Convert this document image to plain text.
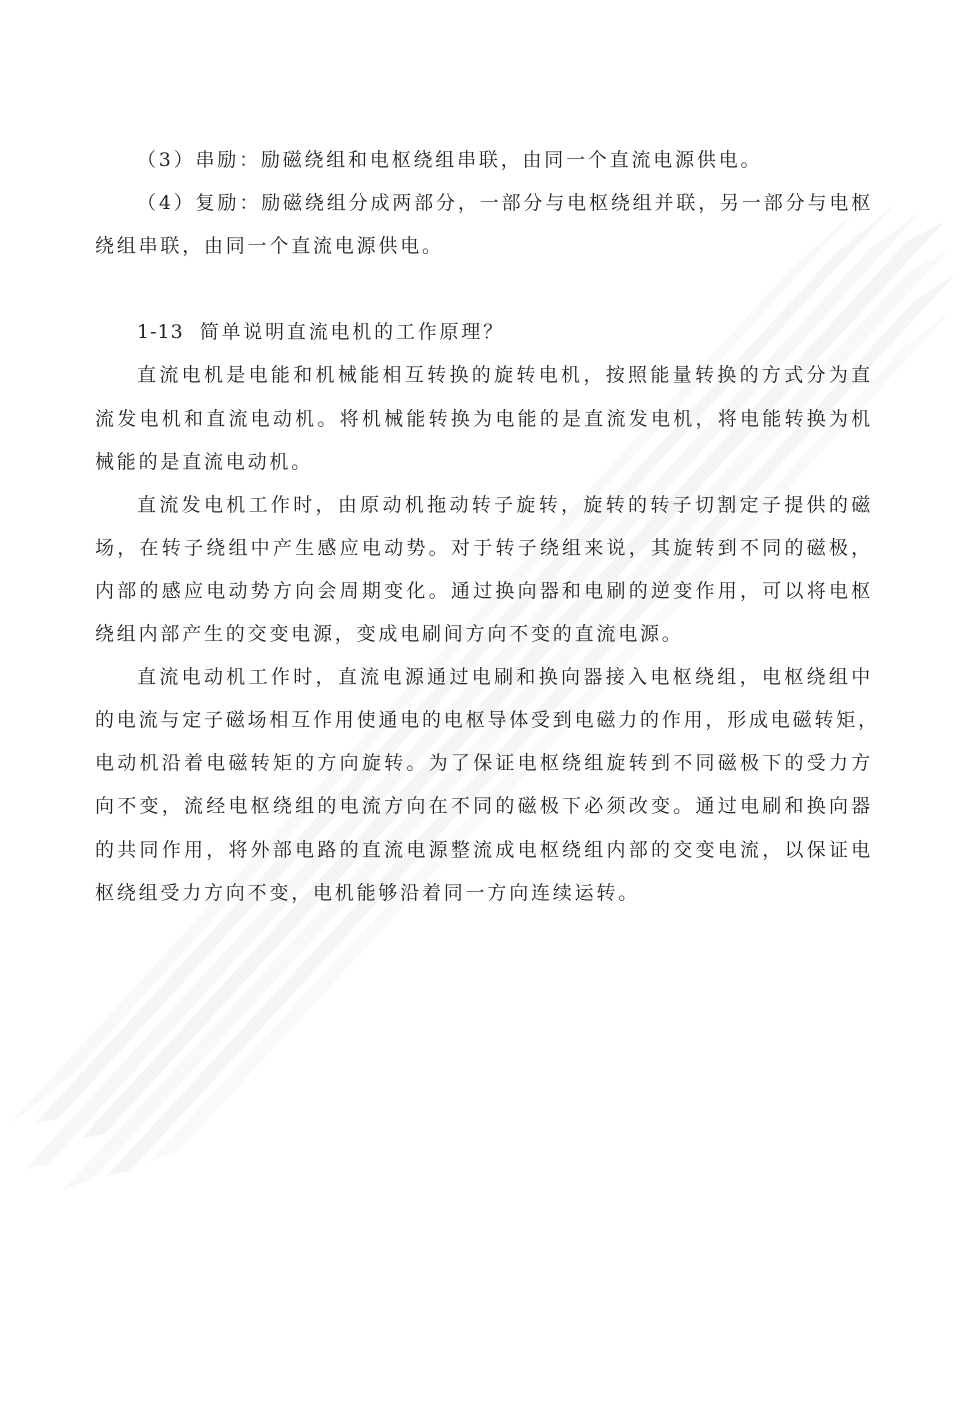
（3）串励：励磁绕组和电枢绕组串联，由同一个直流电源供电。
（4）复励：励磁绕组分成两部分，一部分与电枢绕组并联，另一部分与电枢
绕组串联，由同一个直流电源供电。
1-13 简单说明直流电机的工作原理？
直流电机是电能和机械能相互转换的旋转电机，按照能量转换的方式分为直
流发电机和直流电动机。将机械能转换为电能的是直流发电机，将电能转换为机
械能的是直流电动机。
直流发电机工作时，由原动机拖动转子旋转，旋转的转子切割定子提供的磁
场，在转子绕组中产生感应电动势。对于转子绕组来说，其旋转到不同的磁极，
内部的感应电动势方向会周期变化。通过换向器和电刷的逆变作用，可以将电枢
绕组内部产生的交变电源，变成电刷间方向不变的直流电源。
直流电动机工作时，直流电源通过电刷和换向器接入电枢绕组，电枢绕组中
的电流与定子磁场相互作用使通电的电枢导体受到电磁力的作用，形成电磁转矩，
电动机沿着电磁转矩的方向旋转。为了保证电枢绕组旋转到不同磁极下的受力方
向不变，流经电枢绕组的电流方向在不同的磁极下必须改变。通过电刷和换向器
的共同作用，将外部电路的直流电源整流成电枢绕组内部的交变电流，以保证电
枢绕组受力方向不变，电机能够沿着同一方向连续运转。
